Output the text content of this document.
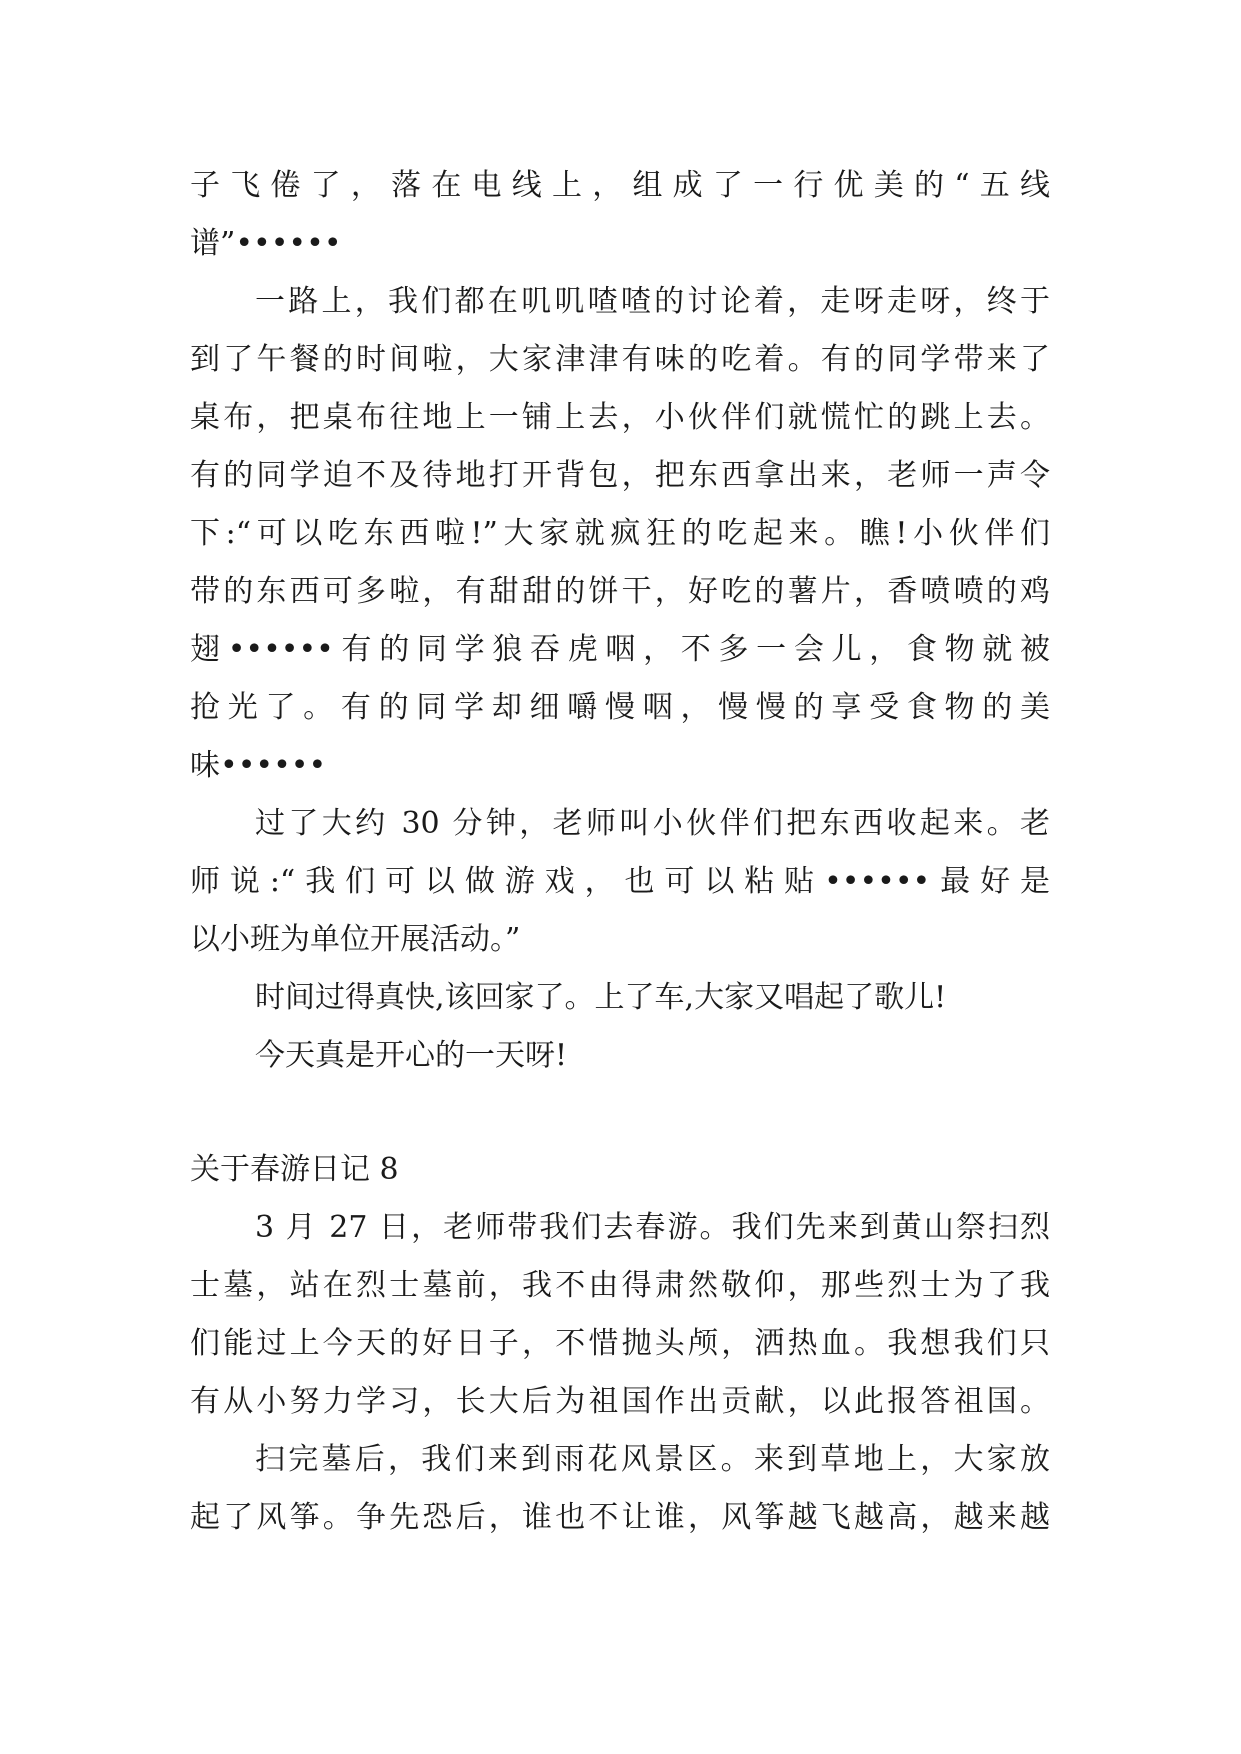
子飞倦了，落在电线上，组成了一行优美的“五线
谱”••••••
一路上，我们都在叽叽喳喳的讨论着，走呀走呀，终于
到了午餐的时间啦，大家津津有味的吃着。有的同学带来了
桌布，把桌布往地上一铺上去，小伙伴们就慌忙的跳上去。
有的同学迫不及待地打开背包，把东西拿出来，老师一声令
下:“可以吃东西啦!”大家就疯狂的吃起来。瞧!小伙伴们
带的东西可多啦，有甜甜的饼干，好吃的薯片，香喷喷的鸡
翅••••••有的同学狼吞虎咽，不多一会儿，食物就被
抢光了。有的同学却细嚼慢咽，慢慢的享受食物的美
味••••••
过了大约 30 分钟，老师叫小伙伴们把东西收起来。老
师说:“我们可以做游戏，也可以粘贴••••••最好是
以小班为单位开展活动。”
时间过得真快,该回家了。上了车,大家又唱起了歌儿!
今天真是开心的一天呀!
关于春游日记 8
3 月 27 日，老师带我们去春游。我们先来到黄山祭扫烈
士墓，站在烈士墓前，我不由得肃然敬仰，那些烈士为了我
们能过上今天的好日子，不惜抛头颅，洒热血。我想我们只
有从小努力学习，长大后为祖国作出贡献，以此报答祖国。
扫完墓后，我们来到雨花风景区。来到草地上，大家放
起了风筝。争先恐后，谁也不让谁，风筝越飞越高，越来越
